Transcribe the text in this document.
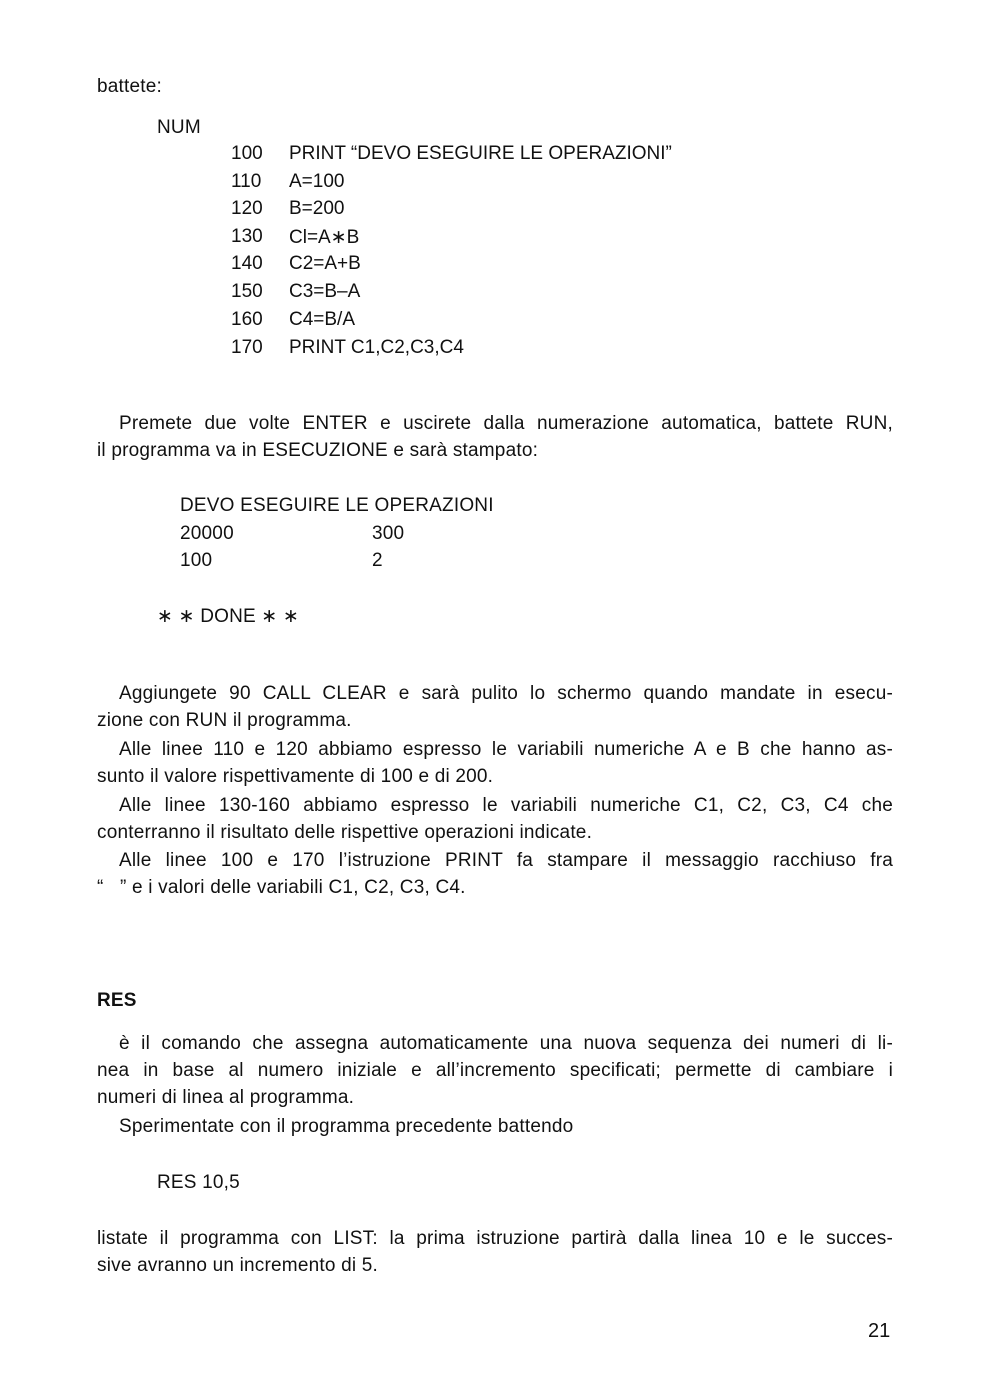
battete:
NUM
100	PRINT “DEVO ESEGUIRE LE OPERAZIONI”
110	A=100
120	B=200
130	Cl=A∗B
140	C2=A+B
150	C3=B–A
160	C4=B/A
170	PRINT C1,C2,C3,C4
Premete due volte ENTER e uscirete dalla numerazione automatica, battete RUN,
il programma va in ESECUZIONE e sarà stampato:
DEVO ESEGUIRE LE OPERAZIONI
20000	300
100	2
∗ ∗ DONE ∗ ∗
Aggiungete 90 CALL CLEAR e sarà pulito lo schermo quando mandate in esecu-
zione con RUN il programma.
Alle linee 110 e 120 abbiamo espresso le variabili numeriche A e B che hanno as-
sunto il valore rispettivamente di 100 e di 200.
Alle linee 130-160 abbiamo espresso le variabili numeriche C1, C2, C3, C4 che
conterranno il risultato delle rispettive operazioni indicate.
Alle linee 100 e 170 l’istruzione PRINT fa stampare il messaggio racchiuso fra
“   ” e i valori delle variabili C1, C2, C3, C4.
RES
è il comando che assegna automaticamente una nuova sequenza dei numeri di li-
nea in base al numero iniziale e all’incremento specificati; permette di cambiare i
numeri di linea al programma.
Sperimentate con il programma precedente battendo
RES 10,5
listate il programma con LIST: la prima istruzione partirà dalla linea 10 e le succes-
sive avranno un incremento di 5.
21
